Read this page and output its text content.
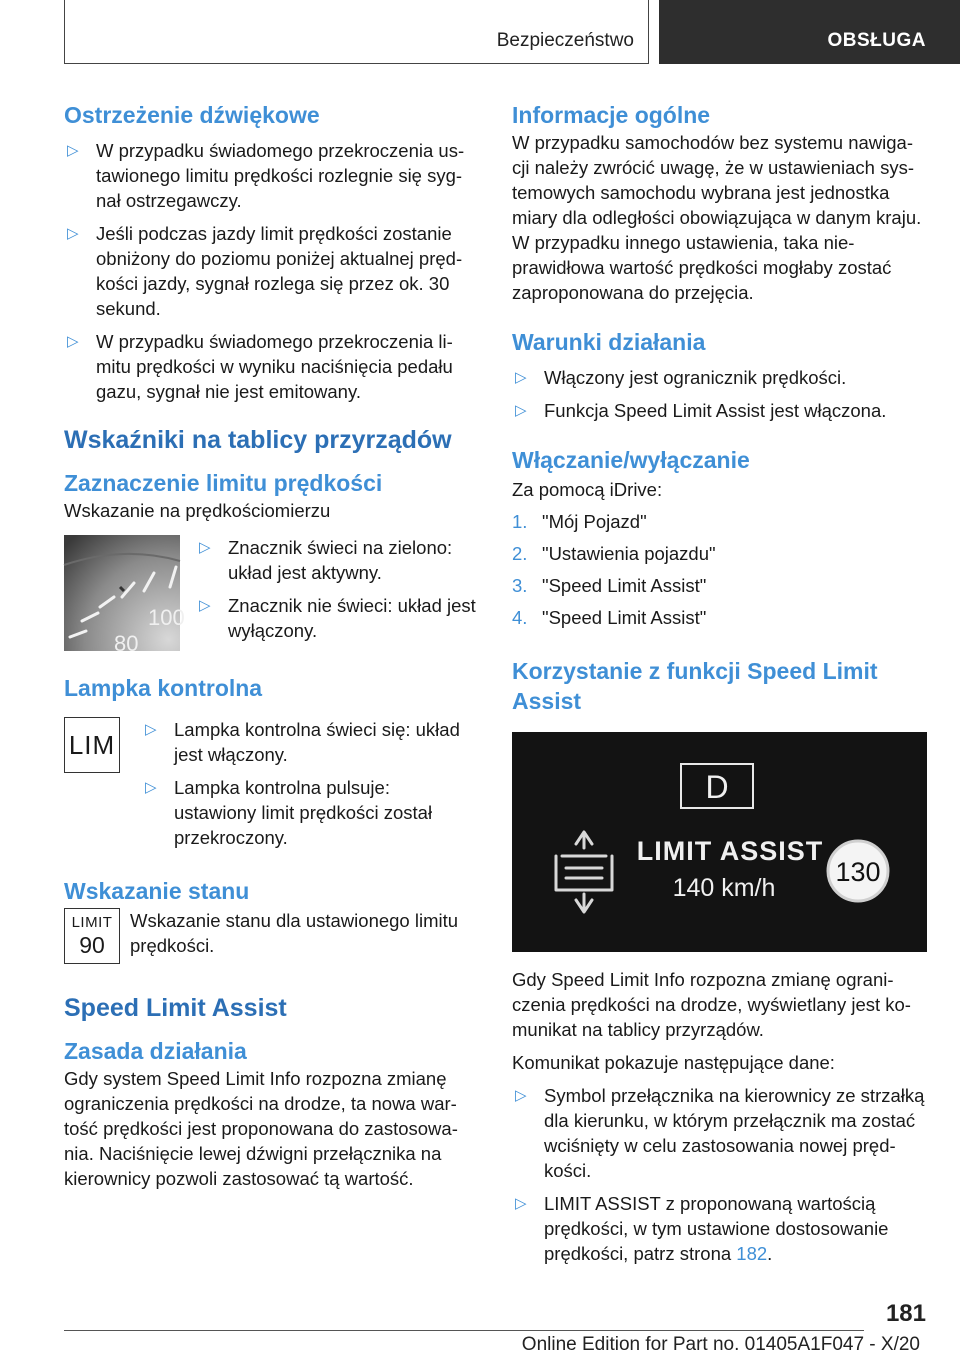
Bezpieczeństwo	OBSŁUGA
Ostrzeżenie dźwiękowe
▷ W przypadku świadomego przekroczenia us-tawionego limitu prędkości rozlegnie się syg-nał ostrzegawczy.
▷ Jeśli podczas jazdy limit prędkości zostanie obniżony do poziomu poniżej aktualnej pręd-kości jazdy, sygnał rozlega się przez ok. 30 sekund.
▷ W przypadku świadomego przekroczenia li-mitu prędkości w wyniku naciśnięcia pedału gazu, sygnał nie jest emitowany.
Wskaźniki na tablicy przyrządów
Zaznaczenie limitu prędkości

Wskazanie na prędkościomierzu

100
80
▷ Znacznik świeci na zielono: układ jest aktywny.
▷ Znacznik nie świeci: układ jest wyłączony.
Lampka kontrolna
LIM	▷ Lampka kontrolna świeci się: układ jest włączony.
▷ Lampka kontrolna pulsuje: ustawiony limit prędkości został przekroczony.
Wskazanie stanu
LIMIT
90

Wskazanie stanu dla ustawionego limitu prędkości.

Speed Limit Assist
Zasada działania

Gdy system Speed Limit Info rozpozna zmianę ograniczenia prędkości na drodze, ta nowa war-tość prędkości jest proponowana do zastosowa-nia. Naciśnięcie lewej dźwigni przełącznika na kierownicy pozwoli zastosować tą wartość.

Informacje ogólne

W przypadku samochodów bez systemu nawiga-cji należy zwrócić uwagę, że w ustawieniach sys-temowych samochodu wybrana jest jednostka miary dla odległości obowiązująca w danym kraju. W przypadku innego ustawienia, taka nie-prawidłowa wartość prędkości mogłaby zostać zaproponowana do przejęcia.

Warunki działania
▷ Włączony jest ogranicznik prędkości.
▷ Funkcja Speed Limit Assist jest włączona.
Włączanie/wyłączanie

Za pomocą iDrive:

1. "Mój Pojazd"
2. "Ustawienia pojazdu"
3. "Speed Limit Assist"
4. "Speed Limit Assist"
Korzystanie z funkcji Speed Limit Assist
D
LIMIT ASSIST
140 km/h
130

Gdy Speed Limit Info rozpozna zmianę ograni-czenia prędkości na drodze, wyświetlany jest ko-munikat na tablicy przyrządów.

Komunikat pokazuje następujące dane:

▷ Symbol przełącznika na kierownicy ze strzałką dla kierunku, w którym przełącznik ma zostać wciśnięty w celu zastosowania nowej pręd-kości.
▷ LIMIT ASSIST z proponowaną wartością prędkości, w tym ustawione dostosowanie prędkości, patrz strona 182.
181
Online Edition for Part no. 01405A1F047 - X/20
